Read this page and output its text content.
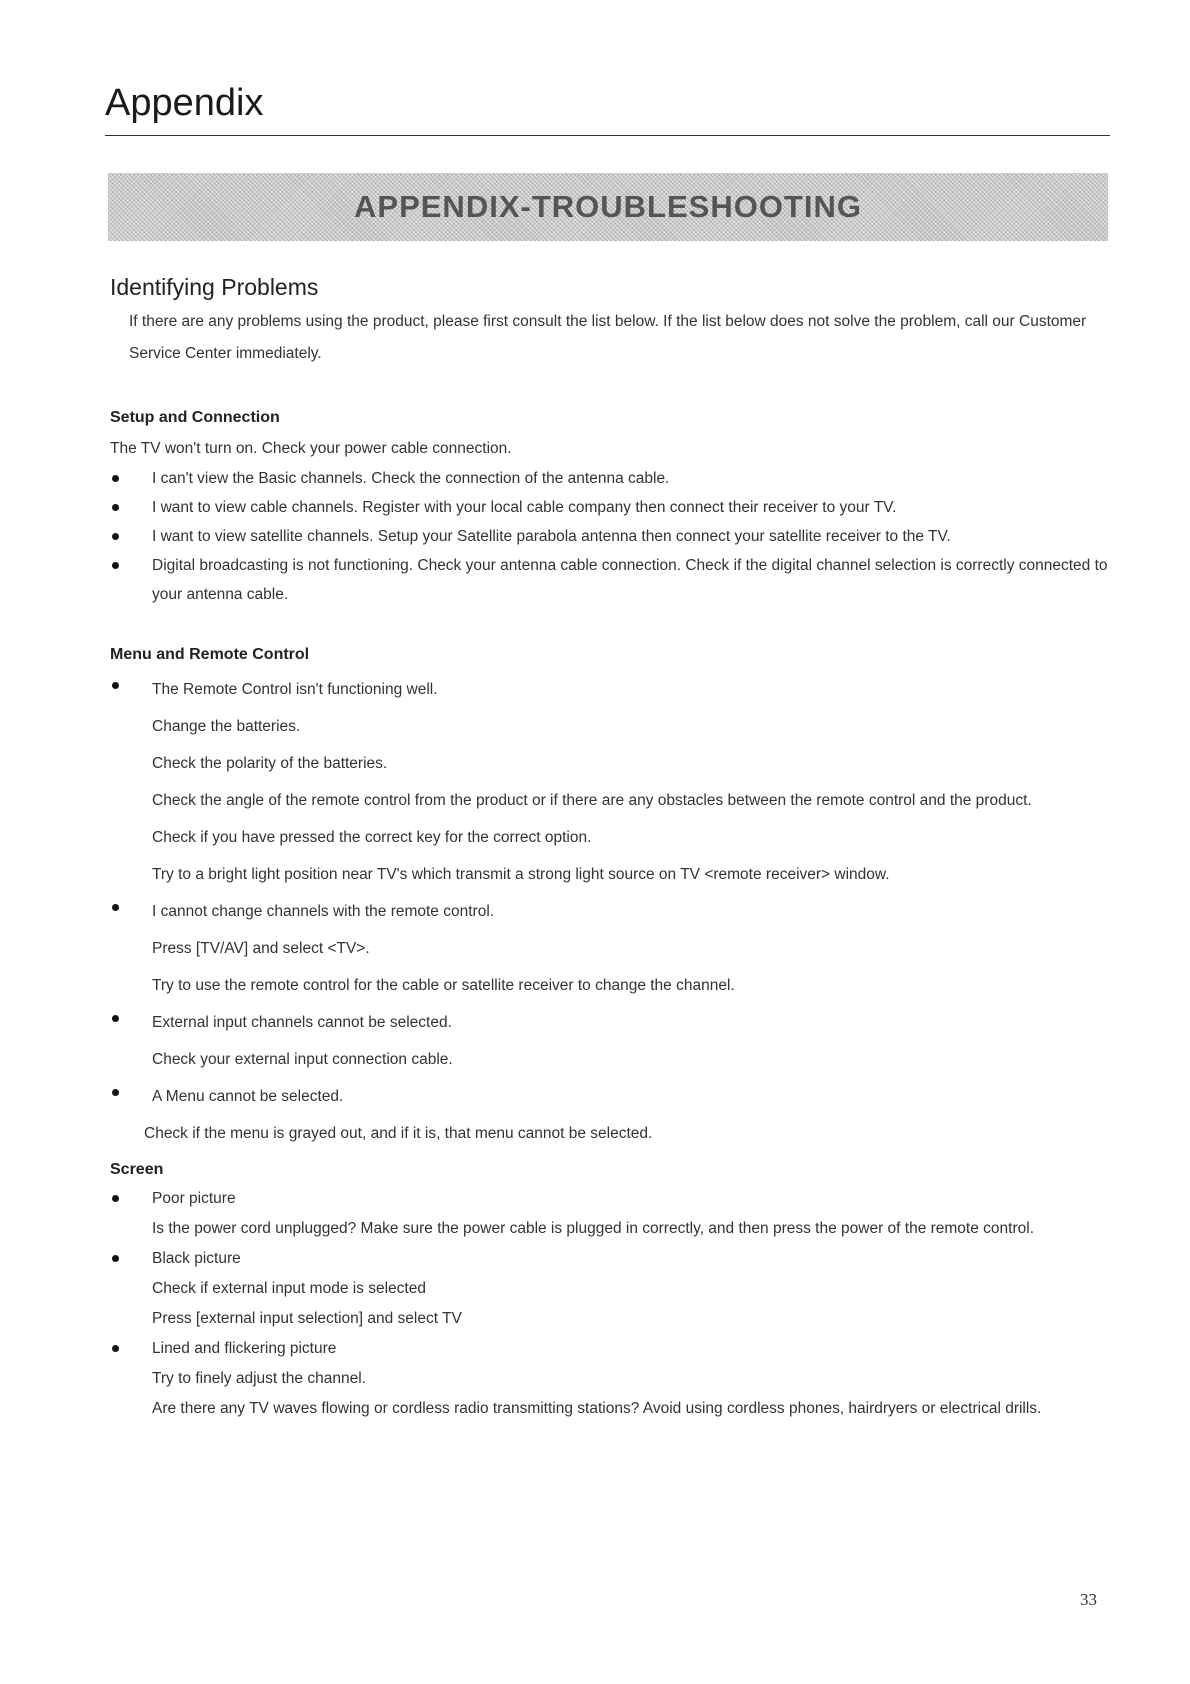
Appendix
APPENDIX-TROUBLESHOOTING
Identifying Problems

If there are any problems using the product, please first consult the list below. If the list below does not solve the problem, call our Customer Service Center immediately.

Setup and Connection

The TV won't turn on. Check your power cable connection.

I can't view the Basic channels. Check the connection of the antenna cable.
I want to view cable channels. Register with your local cable company then connect their receiver to your TV.
I want to view satellite channels. Setup your Satellite parabola antenna then connect your satellite receiver to the TV.
Digital broadcasting is not functioning. Check your antenna cable connection. Check if the digital channel selection is correctly connected to your antenna cable.

Menu and Remote Control

The Remote Control isn't functioning well.

Change the batteries.

Check the polarity of the batteries.

Check the angle of the remote control from the product or if there are any obstacles between the remote control and the product.

Check if you have pressed the correct key for the correct option.

Try to a bright light position near TV's which transmit a strong light source on TV <remote receiver> window.

I cannot change channels with the remote control.

Press [TV/AV] and select <TV>.

Try to use the remote control for the cable or satellite receiver to change the channel.

External input channels cannot be selected.

Check your external input connection cable.

A Menu cannot be selected.

Check if the menu is grayed out, and if it is, that menu cannot be selected.

Screen

Poor picture

Is the power cord unplugged? Make sure the power cable is plugged in correctly, and then press the power of the remote control.

Black picture

Check if external input mode is selected

Press [external input selection] and select TV

Lined and flickering picture

Try to finely adjust the channel.

Are there any TV waves flowing or cordless radio transmitting stations? Avoid using cordless phones, hairdryers or electrical drills.

33
